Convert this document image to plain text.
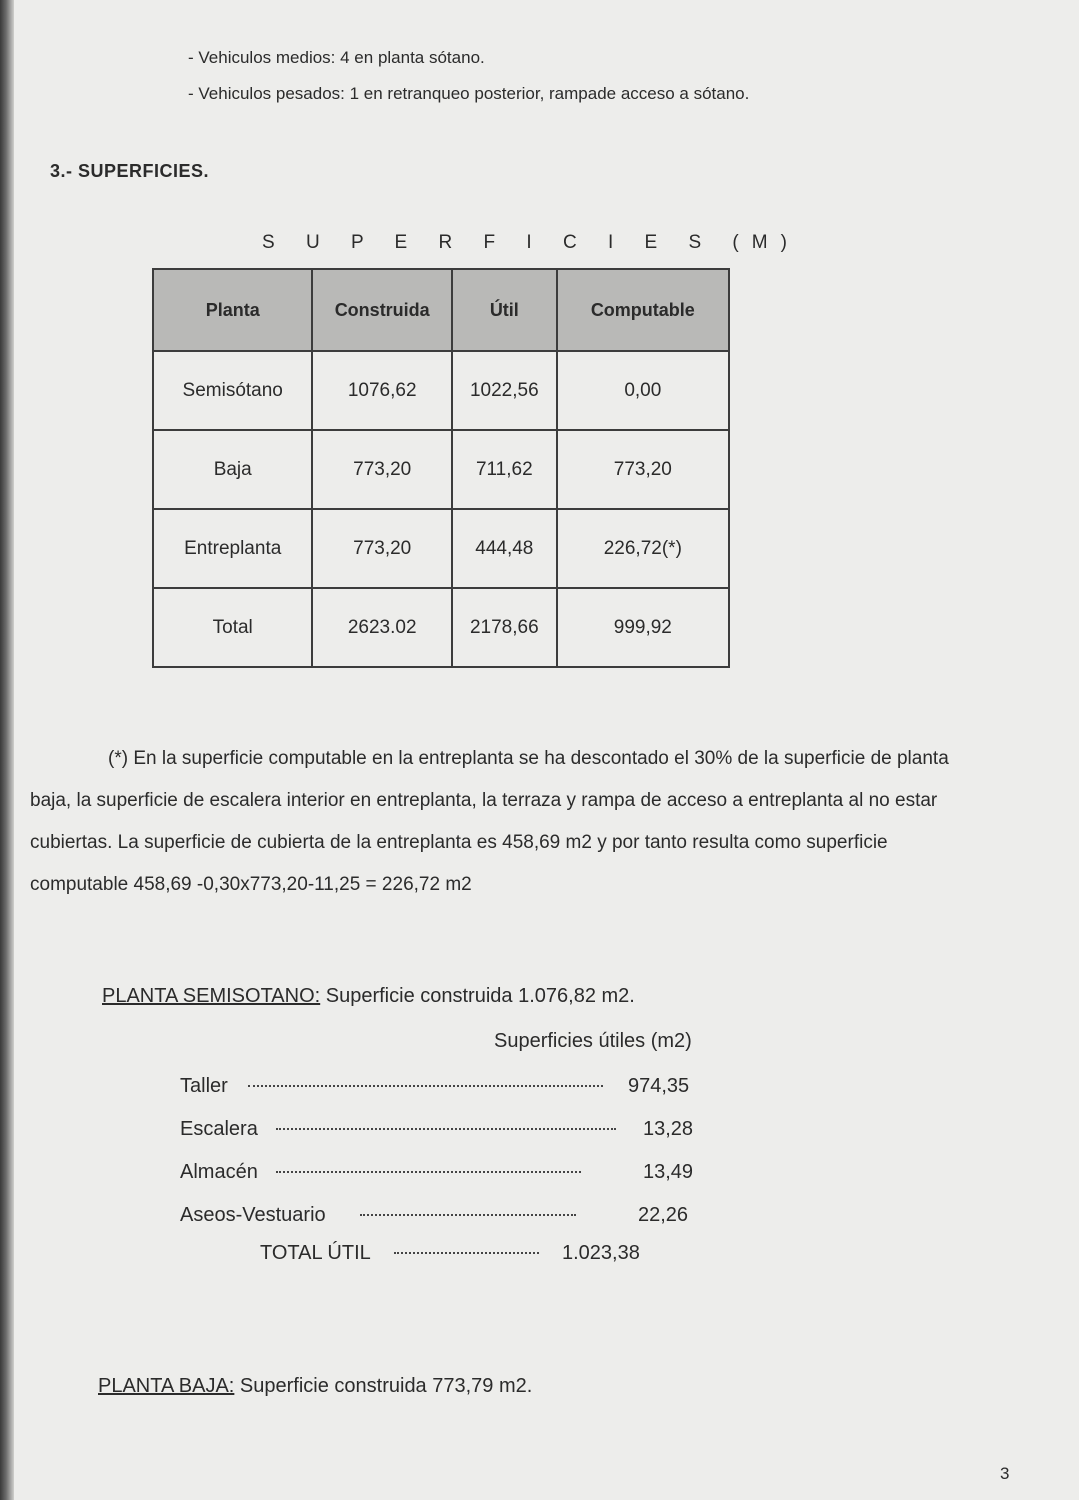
- Vehiculos medios: 4 en planta sótano.

- Vehiculos pesados: 1 en retranqueo posterior, rampade acceso a sótano.

3.- SUPERFICIES.

S U P E R F I C I E S (M)

Planta	Construida	Útil	Computable
Semisótano	1076,62	1022,56	0,00
Baja	773,20	711,62	773,20
Entreplanta	773,20	444,48	226,72(*)
Total	2623.02	2178,66	999,92

(*) En la superficie computable en la entreplanta se ha descontado el 30% de la superficie de planta baja, la superficie de escalera interior en entreplanta, la terraza y rampa de acceso a entreplanta al no estar cubiertas. La superficie de cubierta de la entreplanta es 458,69 m2 y por tanto resulta como superficie computable 458,69 -0,30x773,20-11,25 = 226,72 m2

PLANTA SEMISOTANO: Superficie construida 1.076,82 m2.

Superficies útiles (m2)

Taller	974,35
Escalera	13,28
Almacén	13,49
Aseos-Vestuario	22,26
TOTAL ÚTIL	1.023,38

PLANTA BAJA: Superficie construida 773,79 m2.

3
